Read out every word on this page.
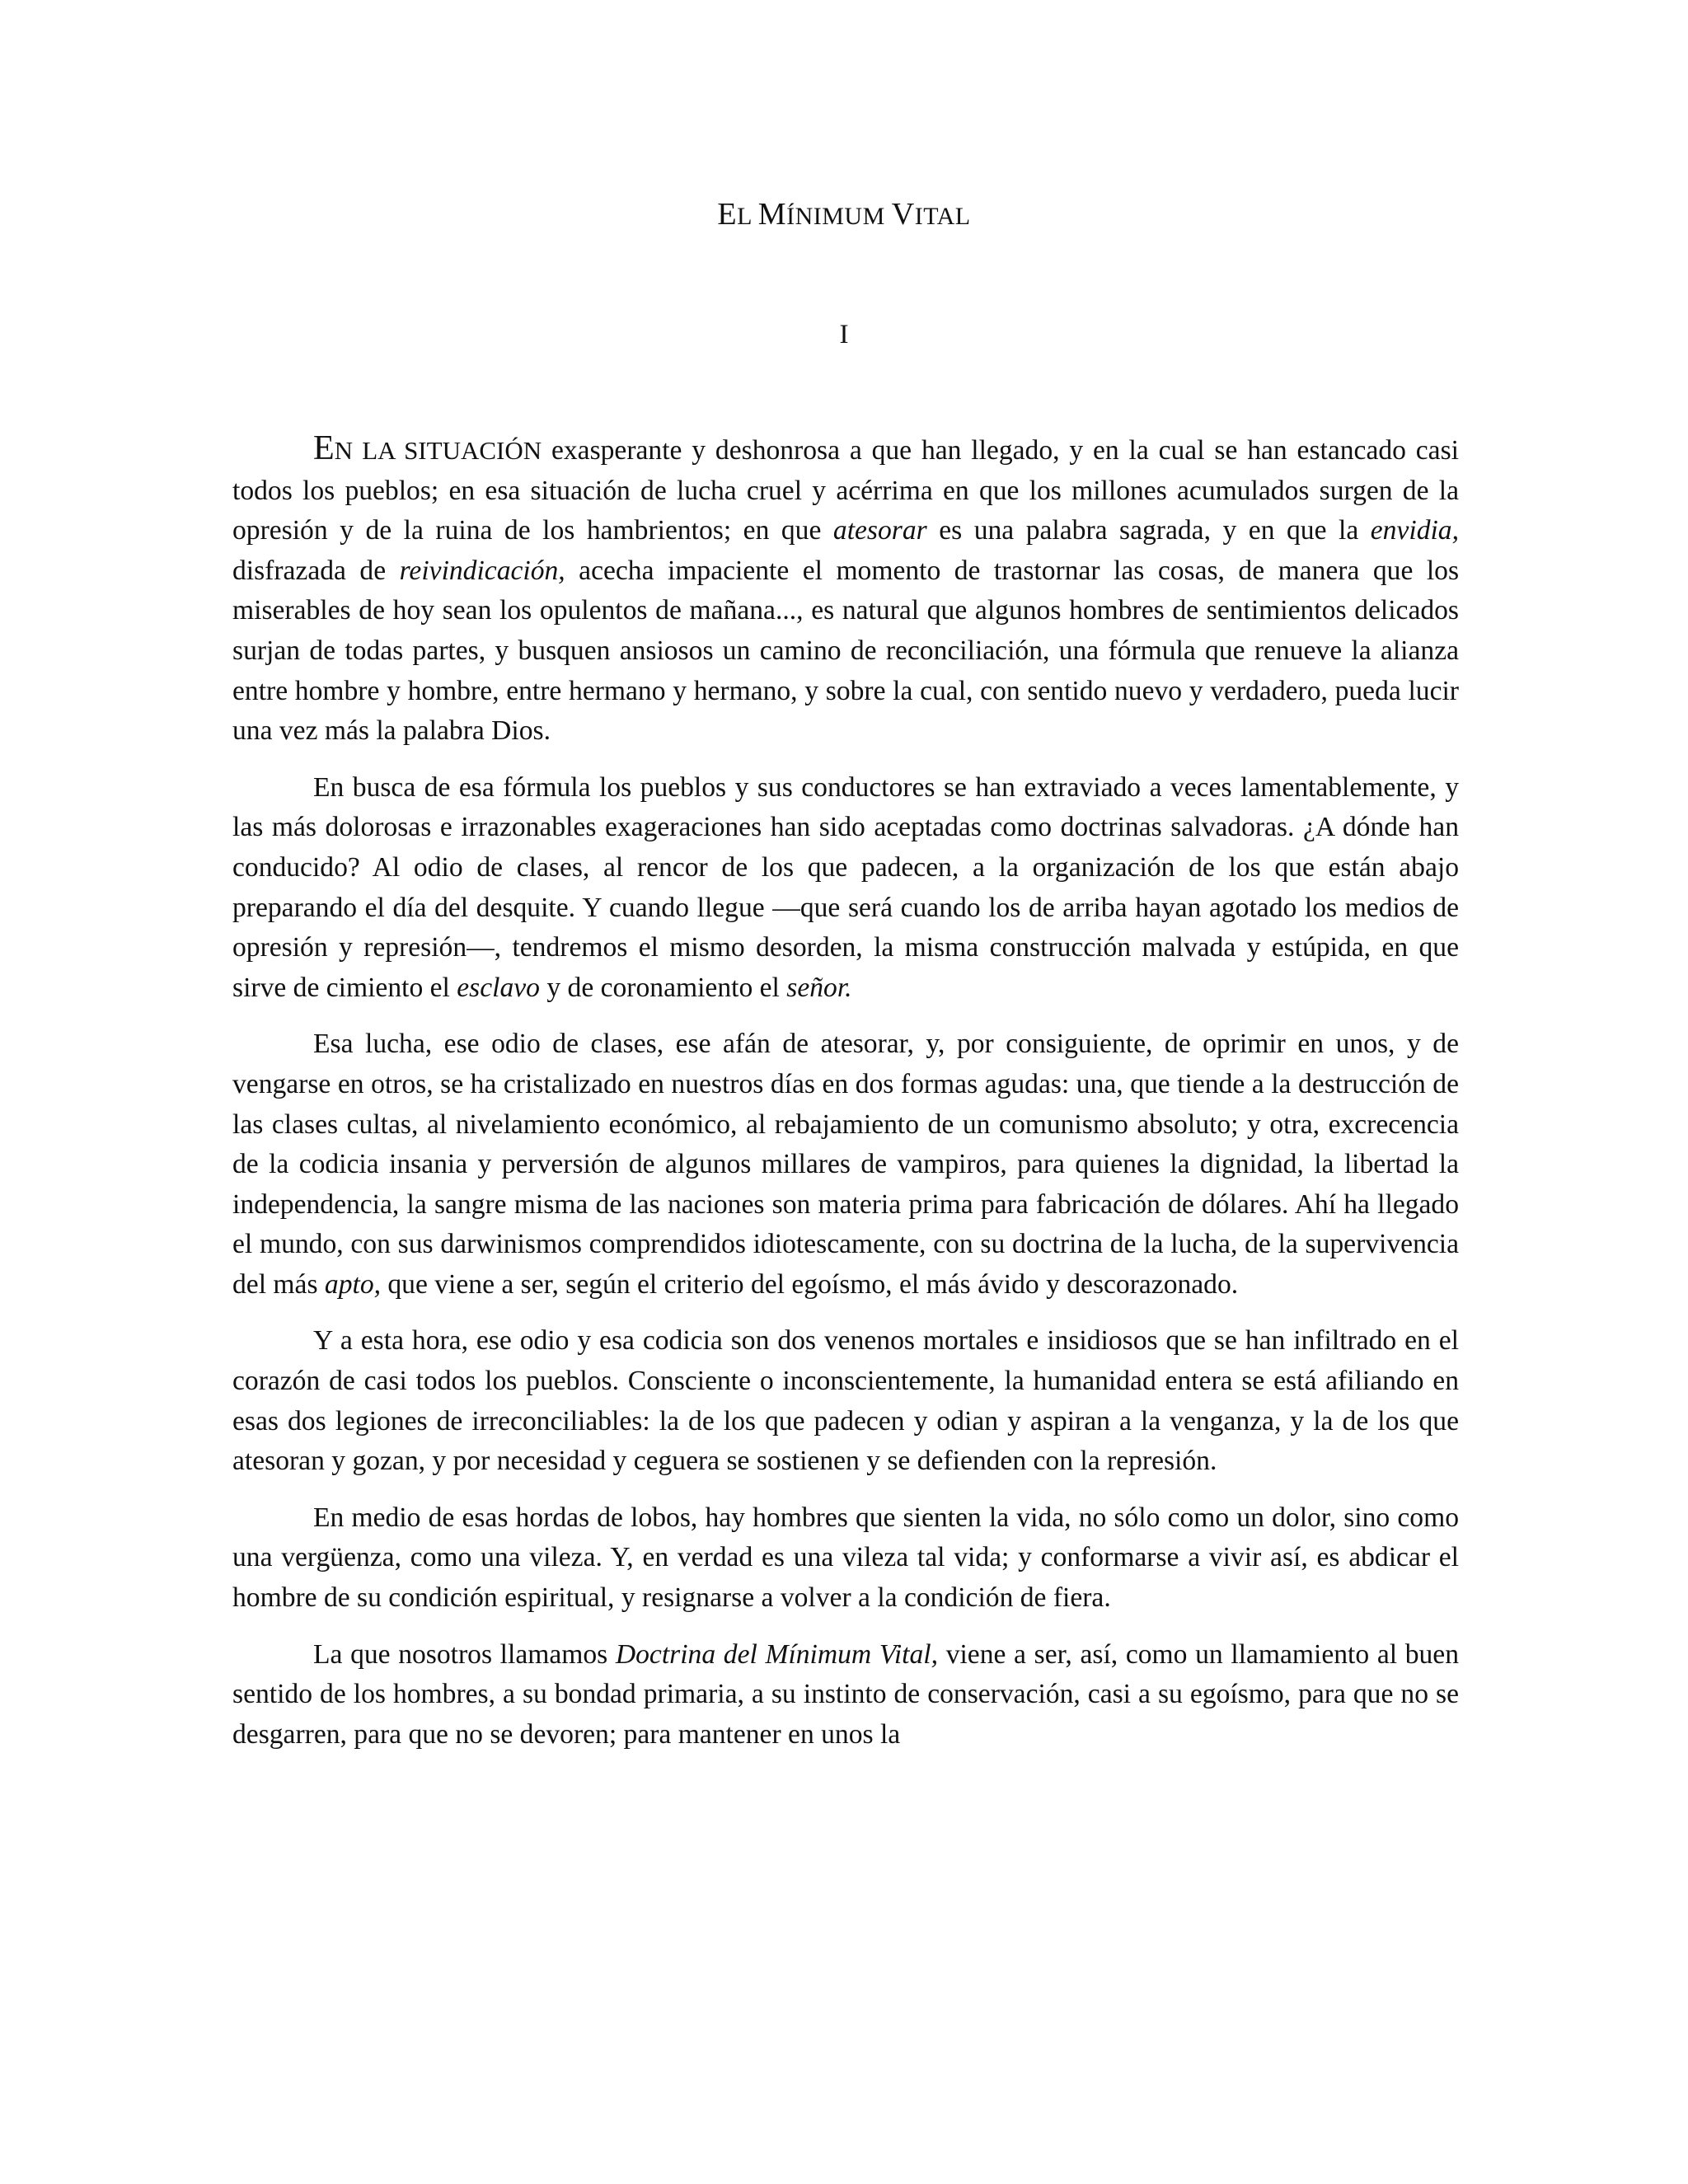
EL MÍNIMUM VITAL
I

EN LA SITUACIÓN exasperante y deshonrosa a que han llegado, y en la cual se han estancado casi todos los pueblos; en esa situación de lucha cruel y acérrima en que los millones acumulados surgen de la opresión y de la ruina de los hambrientos; en que atesorar es una palabra sagrada, y en que la envidia, disfrazada de reivindicación, acecha impaciente el momento de trastornar las cosas, de manera que los miserables de hoy sean los opulentos de mañana..., es natural que algunos hombres de sentimientos delicados surjan de todas partes, y busquen ansiosos un camino de reconciliación, una fórmula que renueve la alianza entre hombre y hombre, entre hermano y hermano, y sobre la cual, con sentido nuevo y verdadero, pueda lucir una vez más la palabra Dios.

En busca de esa fórmula los pueblos y sus conductores se han extraviado a veces lamentablemente, y las más dolorosas e irrazonables exageraciones han sido aceptadas como doctrinas salvadoras. ¿A dónde han conducido? Al odio de clases, al rencor de los que padecen, a la organización de los que están abajo preparando el día del desquite. Y cuando llegue —que será cuando los de arriba hayan agotado los medios de opresión y represión—, tendremos el mismo desorden, la misma construcción malvada y estúpida, en que sirve de cimiento el esclavo y de coronamiento el señor.

Esa lucha, ese odio de clases, ese afán de atesorar, y, por consiguiente, de oprimir en unos, y de vengarse en otros, se ha cristalizado en nuestros días en dos formas agudas: una, que tiende a la destrucción de las clases cultas, al nivelamiento económico, al rebajamiento de un comunismo absoluto; y otra, excrecencia de la codicia insania y perversión de algunos millares de vampiros, para quienes la dignidad, la libertad la independencia, la sangre misma de las naciones son materia prima para fabricación de dólares. Ahí ha llegado el mundo, con sus darwinismos comprendidos idiotescamente, con su doctrina de la lucha, de la supervivencia del más apto, que viene a ser, según el criterio del egoísmo, el más ávido y descorazonado.

Y a esta hora, ese odio y esa codicia son dos venenos mortales e insidiosos que se han infiltrado en el corazón de casi todos los pueblos. Consciente o inconscientemente, la humanidad entera se está afiliando en esas dos legiones de irreconciliables: la de los que padecen y odian y aspiran a la venganza, y la de los que atesoran y gozan, y por necesidad y ceguera se sostienen y se defienden con la represión.

En medio de esas hordas de lobos, hay hombres que sienten la vida, no sólo como un dolor, sino como una vergüenza, como una vileza. Y, en verdad es una vileza tal vida; y conformarse a vivir así, es abdicar el hombre de su condición espiritual, y resignarse a volver a la condición de fiera.

La que nosotros llamamos Doctrina del Mínimum Vital, viene a ser, así, como un llamamiento al buen sentido de los hombres, a su bondad primaria, a su instinto de conservación, casi a su egoísmo, para que no se desgarren, para que no se devoren; para mantener en unos la
